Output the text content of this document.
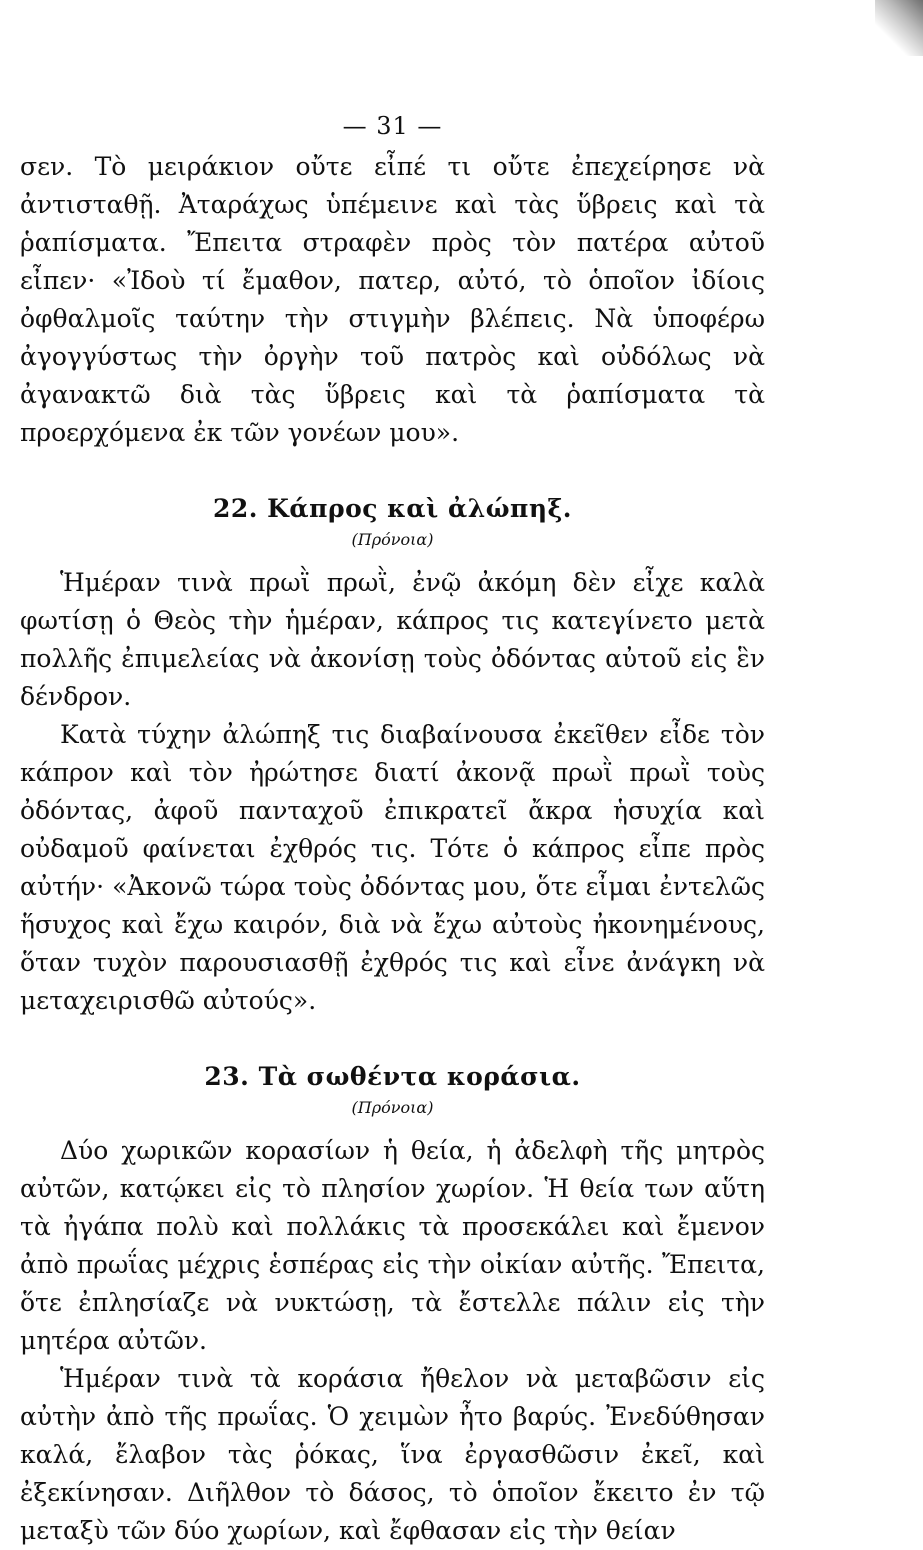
— 31 —

σεν. Τὸ μειράκιον οὔτε εἶπέ τι οὔτε ἐπεχείρησε νὰ ἀντισταθῇ. Ἀταράχως ὑπέμεινε καὶ τὰς ὕβρεις καὶ τὰ ῥαπίσματα. Ἔπειτα στραφὲν πρὸς τὸν πατέρα αὐτοῦ εἶπεν· «Ἰδοὺ τί ἔμαθον, πατερ, αὐτό, τὸ ὁποῖον ἰδίοις ὀφθαλμοῖς ταύτην τὴν στιγμὴν βλέπεις. Νὰ ὑποφέρω ἀγογγύστως τὴν ὀργὴν τοῦ πατρὸς καὶ οὐδόλως νὰ ἀγανακτῶ διὰ τὰς ὕβρεις καὶ τὰ ῥαπίσματα τὰ προερχόμενα ἐκ τῶν γονέων μου».

22. Κάπρος καὶ ἀλώπηξ.
(Πρόνοια)

Ἡμέραν τινὰ πρωῒ πρωῒ, ἐνῷ ἀκόμη δὲν εἶχε καλὰ φωτίσῃ ὁ Θεὸς τὴν ἡμέραν, κάπρος τις κατεγίνετο μετὰ πολλῆς ἐπιμελείας νὰ ἀκονίσῃ τοὺς ὀδόντας αὐτοῦ εἰς ἓν δένδρον.

Κατὰ τύχην ἀλώπηξ τις διαβαίνουσα ἐκεῖθεν εἶδε τὸν κάπρον καὶ τὸν ἠρώτησε διατί ἀκονᾷ πρωῒ πρωῒ τοὺς ὀδόντας, ἀφοῦ πανταχοῦ ἐπικρατεῖ ἄκρα ἡσυχία καὶ οὐδαμοῦ φαίνεται ἐχθρός τις. Τότε ὁ κάπρος εἶπε πρὸς αὐτήν· «Ἀκονῶ τώρα τοὺς ὀδόντας μου, ὅτε εἶμαι ἐντελῶς ἥσυχος καὶ ἔχω καιρόν, διὰ νὰ ἔχω αὐτοὺς ἠκονημένους, ὅταν τυχὸν παρουσιασθῇ ἐχθρός τις καὶ εἶνε ἀνάγκη νὰ μεταχειρισθῶ αὐτούς».

23. Τὰ σωθέντα κοράσια.
(Πρόνοια)

Δύο χωρικῶν κορασίων ἡ θεία, ἡ ἀδελφὴ τῆς μητρὸς αὐτῶν, κατῴκει εἰς τὸ πλησίον χωρίον. Ἡ θεία των αὕτη τὰ ἠγάπα πολὺ καὶ πολλάκις τὰ προσεκάλει καὶ ἔμενον ἀπὸ πρωΐας μέχρις ἑσπέρας εἰς τὴν οἰκίαν αὐτῆς. Ἔπειτα, ὅτε ἐπλησίαζε νὰ νυκτώσῃ, τὰ ἔστελλε πάλιν εἰς τὴν μητέρα αὐτῶν.

Ἡμέραν τινὰ τὰ κοράσια ἤθελον νὰ μεταβῶσιν εἰς αὐτὴν ἀπὸ τῆς πρωΐας. Ὁ χειμὼν ἦτο βαρύς. Ἐνεδύθησαν καλά, ἔλαβον τὰς ῥόκας, ἵνα ἐργασθῶσιν ἐκεῖ, καὶ ἐξεκίνησαν. Διῆλθον τὸ δάσος, τὸ ὁποῖον ἔκειτο ἐν τῷ μεταξὺ τῶν δύο χωρίων, καὶ ἔφθασαν εἰς τὴν θείαν
